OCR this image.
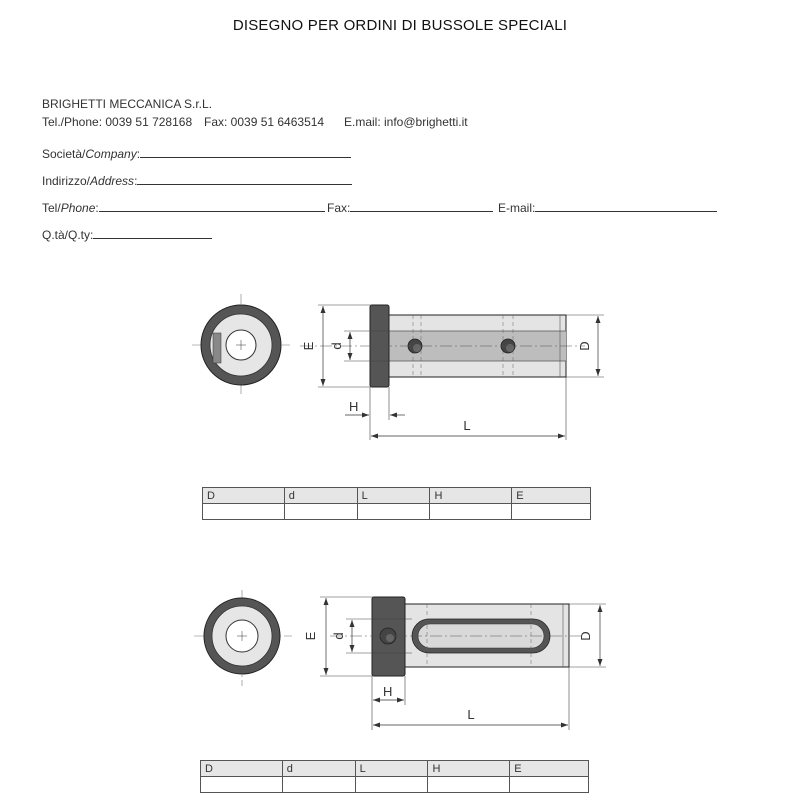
DISEGNO PER ORDINI DI BUSSOLE SPECIALI
BRIGHETTI MECCANICA S.r.L.
Tel./Phone: 0039 51 728168 Fax: 0039 51 6463514 E.mail: info@brighetti.it
Società/Company:
Indirizzo/Address:
Tel/Phone:	Fax:	E-mail:
Q.tà/Q.ty:
E d	D
H
L
E d	D
H
L
D	d	L	H	E

D	d	L	H	E
